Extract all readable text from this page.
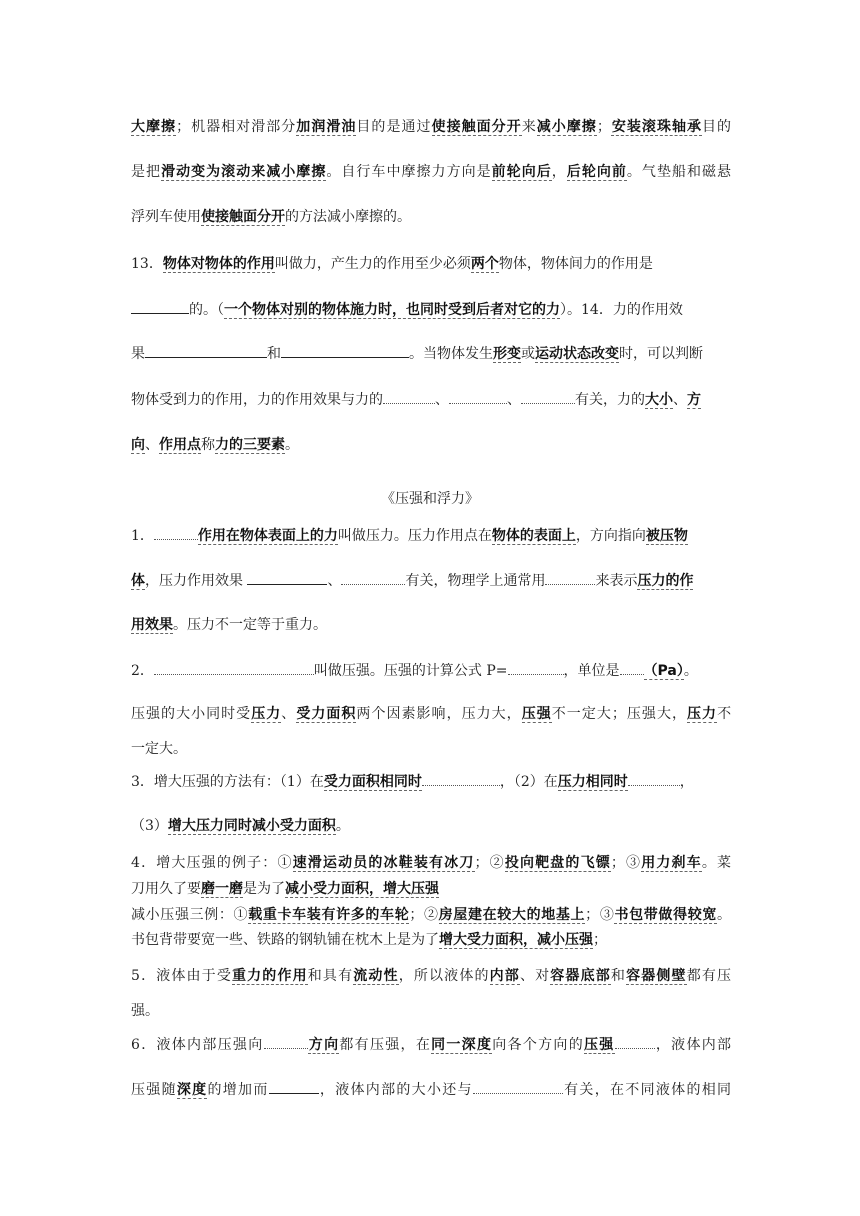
大摩擦；机器相对滑部分加润滑油目的是通过使接触面分开来减小摩擦；安装滚珠轴承目的
是把滑动变为滚动来减小摩擦。自行车中摩擦力方向是前轮向后，后轮向前。气垫船和磁悬
浮列车使用使接触面分开的方法减小摩擦的。
13．物体对物体的作用叫做力，产生力的作用至少必须两个物体，物体间力的作用是
的。（一个物体对别的物体施力时，也同时受到后者对它的力）。14．力的作用效
果	和	。当物体发生形变或运动状态改变时，可以判断
物体受到力的作用，力的作用效果与力的	、	、	有关，力的大小、方
向、作用点称力的三要素。
《压强和浮力》
1．	作用在物体表面上的力叫做压力。压力作用点在物体的表面上，方向指向被压物
体，压力作用效果	、	有关，物理学上通常用	来表示压力的作
用效果。压力不一定等于重力。
2．	叫做压强。压强的计算公式 P=	，单位是 （Pa）。
压强的大小同时受压力、受力面积两个因素影响，压力大，压强不一定大；压强大，压力不
一定大。
3．增大压强的方法有：（1）在受力面积相同时	，（2）在压力相同时	，
（3）增大压力同时减小受力面积。
4．增大压强的例子：①速滑运动员的冰鞋装有冰刀；②投向靶盘的飞镖；③用力刹车。菜
刀用久了要磨一磨是为了减小受力面积，增大压强
减小压强三例：①载重卡车装有许多的车轮；②房屋建在较大的地基上；③书包带做得较宽。
书包背带要宽一些、铁路的钢轨铺在枕木上是为了增大受力面积，减小压强；
5．液体由于受重力的作用和具有流动性，所以液体的内部、对容器底部和容器侧壁都有压
强。
6．液体内部压强向	方向都有压强，在同一深度向各个方向的压强	，液体内部
压强随深度的增加而	，液体内部的大小还与	有关，在不同液体的相同
